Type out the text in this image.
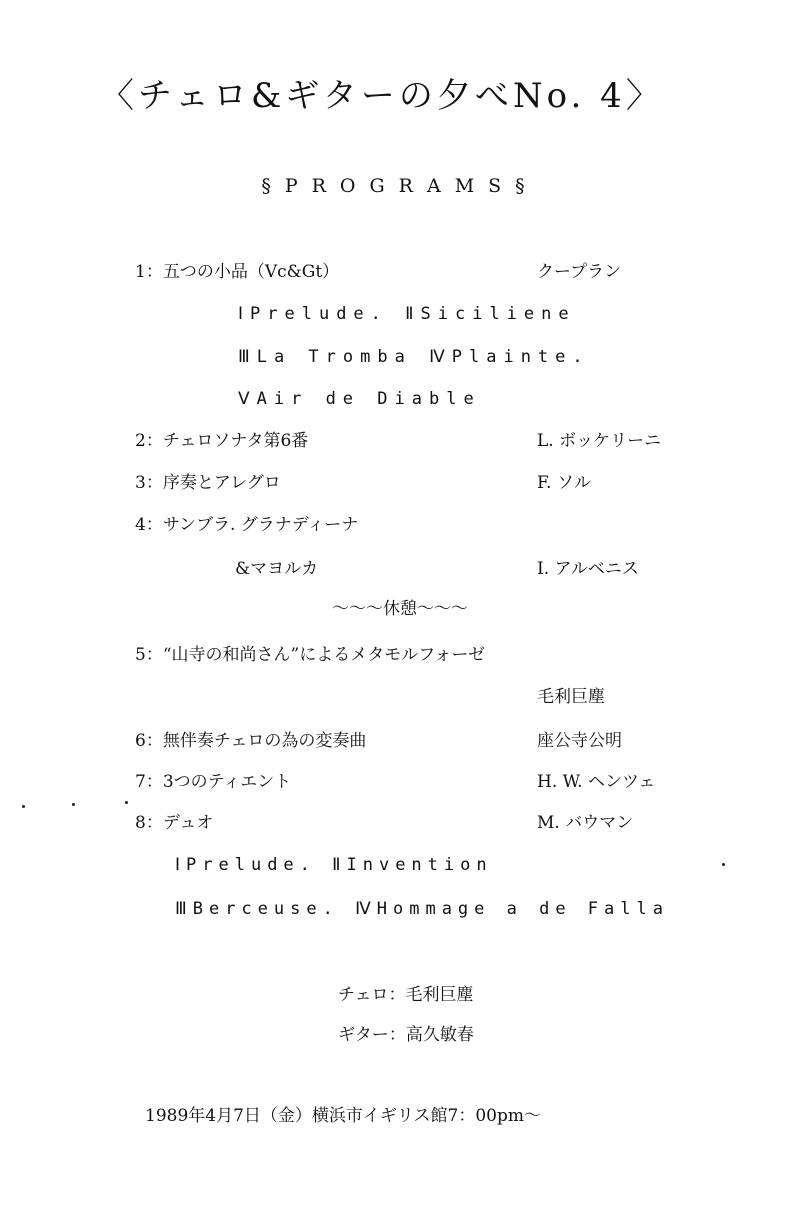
〈チェロ&ギターの夕べNo. 4〉
§PROGRAMS§
1：五つの小品（Vc&Gt）	クープラン
ⅠPrelude. ⅡSiciliene
ⅢLa Tromba ⅣPlainte.
ⅤAir de Diable
2：チェロソナタ第6番	L. ボッケリーニ
3：序奏とアレグロ	F. ソル
4：サンブラ. グラナディーナ
&マヨルカ	I. アルベニス
〜〜〜休憩〜〜〜
5：“山寺の和尚さん”によるメタモルフォーゼ
毛利巨塵
6：無伴奏チェロの為の変奏曲	座公寺公明
7：3つのティエント	H. W. ヘンツェ
8：デュオ	M. バウマン
ⅠPrelude. ⅡInvention
ⅢBerceuse. ⅣHommage a de Falla
チェロ：毛利巨塵
ギター：高久敏春
1989年4月7日（金）横浜市イギリス館7：00pm〜
